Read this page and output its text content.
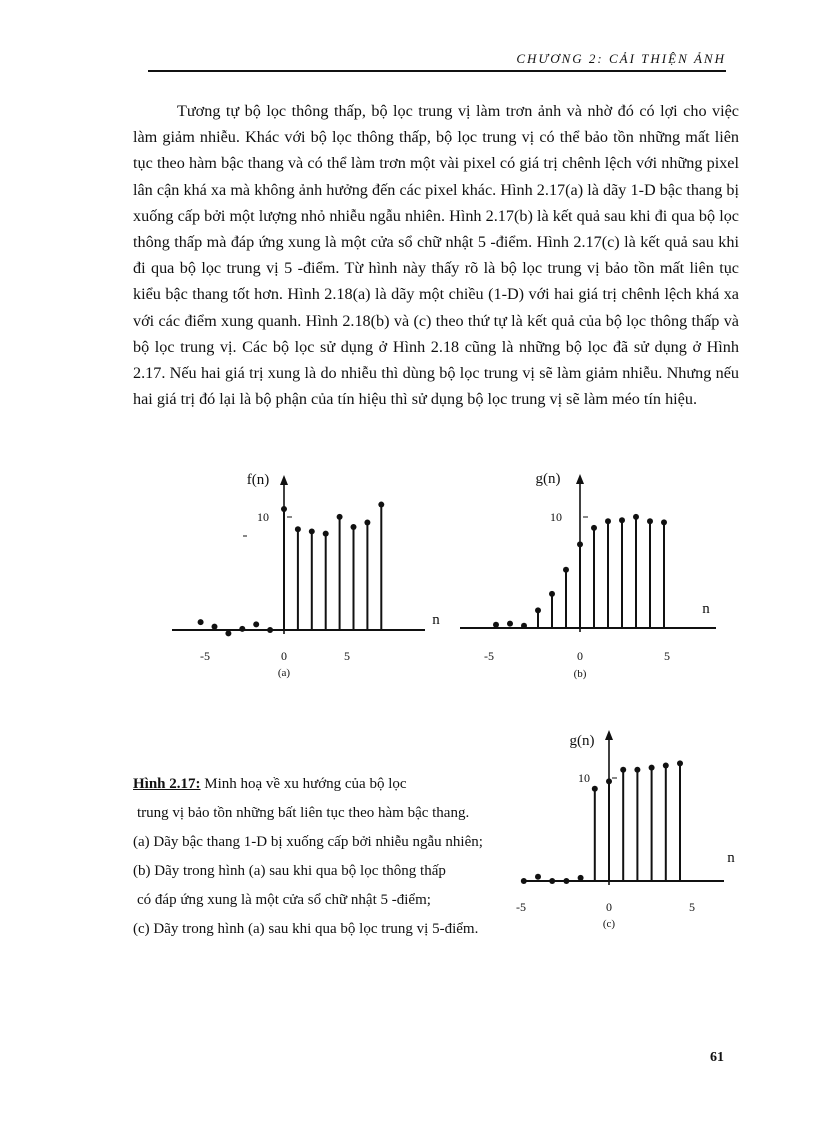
CHƯƠNG 2: CẢI THIỆN ẢNH

Tương tự bộ lọc thông thấp, bộ lọc trung vị làm trơn ảnh và nhờ đó có lợi cho việc làm giảm nhiễu. Khác với bộ lọc thông thấp, bộ lọc trung vị có thể bảo tồn những mất liên tục theo hàm bậc thang và có thể làm trơn một vài pixel có giá trị chênh lệch với những pixel lân cận khá xa mà không ảnh hưởng đến các pixel khác. Hình 2.17(a) là dãy 1-D bậc thang bị xuống cấp bởi một lượng nhỏ nhiễu ngẫu nhiên. Hình 2.17(b) là kết quả sau khi đi qua bộ lọc thông thấp mà đáp ứng xung là một cửa sổ chữ nhật 5 -điểm. Hình 2.17(c) là kết quả sau khi đi qua bộ lọc trung vị 5 -điểm. Từ hình này thấy rõ là bộ lọc trung vị bảo tồn mất liên tục kiểu bậc thang tốt hơn. Hình 2.18(a) là dãy một chiều (1-D) với hai giá trị chênh lệch khá xa với các điểm xung quanh. Hình 2.18(b) và (c) theo thứ tự là kết quả của bộ lọc thông thấp và bộ lọc trung vị. Các bộ lọc sử dụng ở Hình 2.18 cũng là những bộ lọc đã sử dụng ở Hình 2.17. Nếu hai giá trị xung là do nhiễu thì dùng bộ lọc trung vị sẽ làm giảm nhiễu. Nhưng nếu hai giá trị đó lại là bộ phận của tín hiệu thì sử dụng bộ lọc trung vị sẽ làm méo tín hiệu.

f(n)
n
10
-5	0	5
(a)
g(n)
n
10
-5	0	5
(b)
g(n)
n
10
-5	0	5
(c)
Hình 2.17: Minh hoạ về xu hướng của bộ lọc
trung vị bảo tồn những bất liên tục theo hàm bậc thang.
(a) Dãy bậc thang 1-D bị xuống cấp bởi nhiễu ngẫu nhiên;
(b) Dãy trong hình (a) sau khi qua bộ lọc thông thấp
có đáp ứng xung là một cửa sổ chữ nhật 5 -điểm;
(c) Dãy trong hình (a) sau khi qua bộ lọc trung vị 5-điểm.
61
